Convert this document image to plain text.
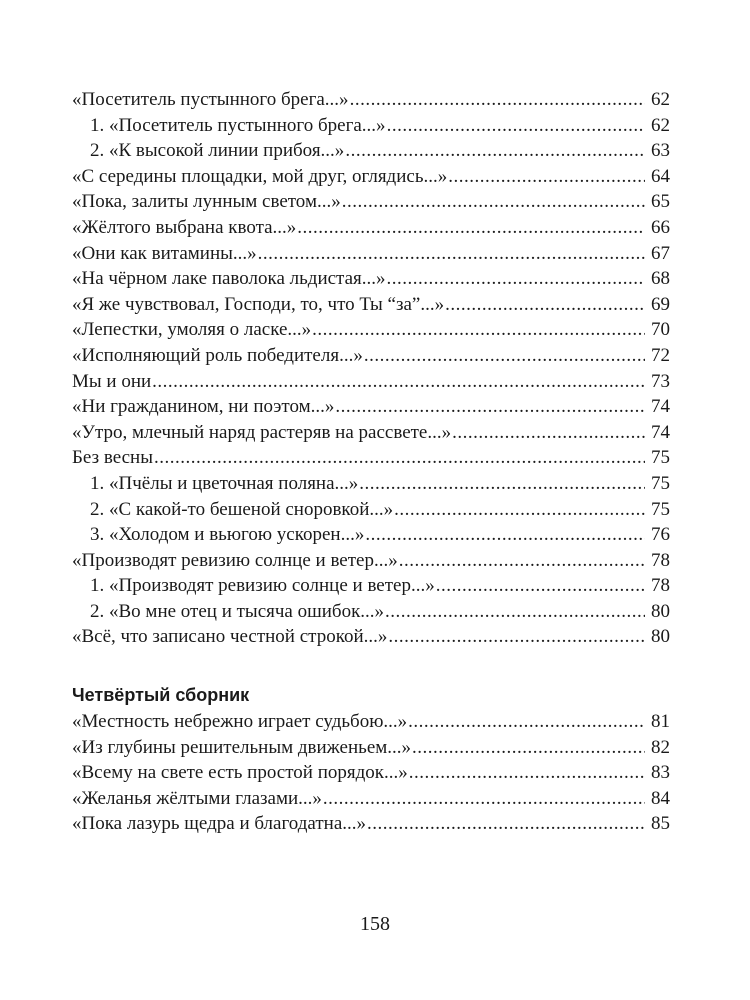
«Посетитель пустынного брега...» .....	62
1. «Посетитель пустынного брега...» .....	62
2. «К высокой линии прибоя...» .....	63
«С середины площадки, мой друг, оглядись...» .....	64
«Пока, залиты лунным светом...» .....	65
«Жёлтого выбрана квота...» .....	66
«Они как витамины...» .....	67
«На чёрном лаке паволока льдистая...» .....	68
«Я же чувствовал, Господи, то, что Ты “за”...» .....	69
«Лепестки, умоляя о ласке...» .....	70
«Исполняющий роль победителя...» .....	72
Мы и они .....	73
«Ни гражданином, ни поэтом...» .....	74
«Утро, млечный наряд растеряв на рассвете...» .....	74
Без весны .....	75
1. «Пчёлы и цветочная поляна...» .....	75
2. «С какой-то бешеной сноровкой...» .....	75
3. «Холодом и вьюгою ускорен...» .....	76
«Производят ревизию солнце и ветер...» .....	78
1. «Производят ревизию солнце и ветер...» .....	78
2. «Во мне отец и тысяча ошибок...» .....	80
«Всё, что записано честной строкой...» .....	80
Четвёртый сборник
«Местность небрежно играет судьбою...» .....	81
«Из глубины решительным движеньем...» .....	82
«Всему на свете есть простой порядок...» .....	83
«Желанья жёлтыми глазами...» .....	84
«Пока лазурь щедра и благодатна...» .....	85
158
